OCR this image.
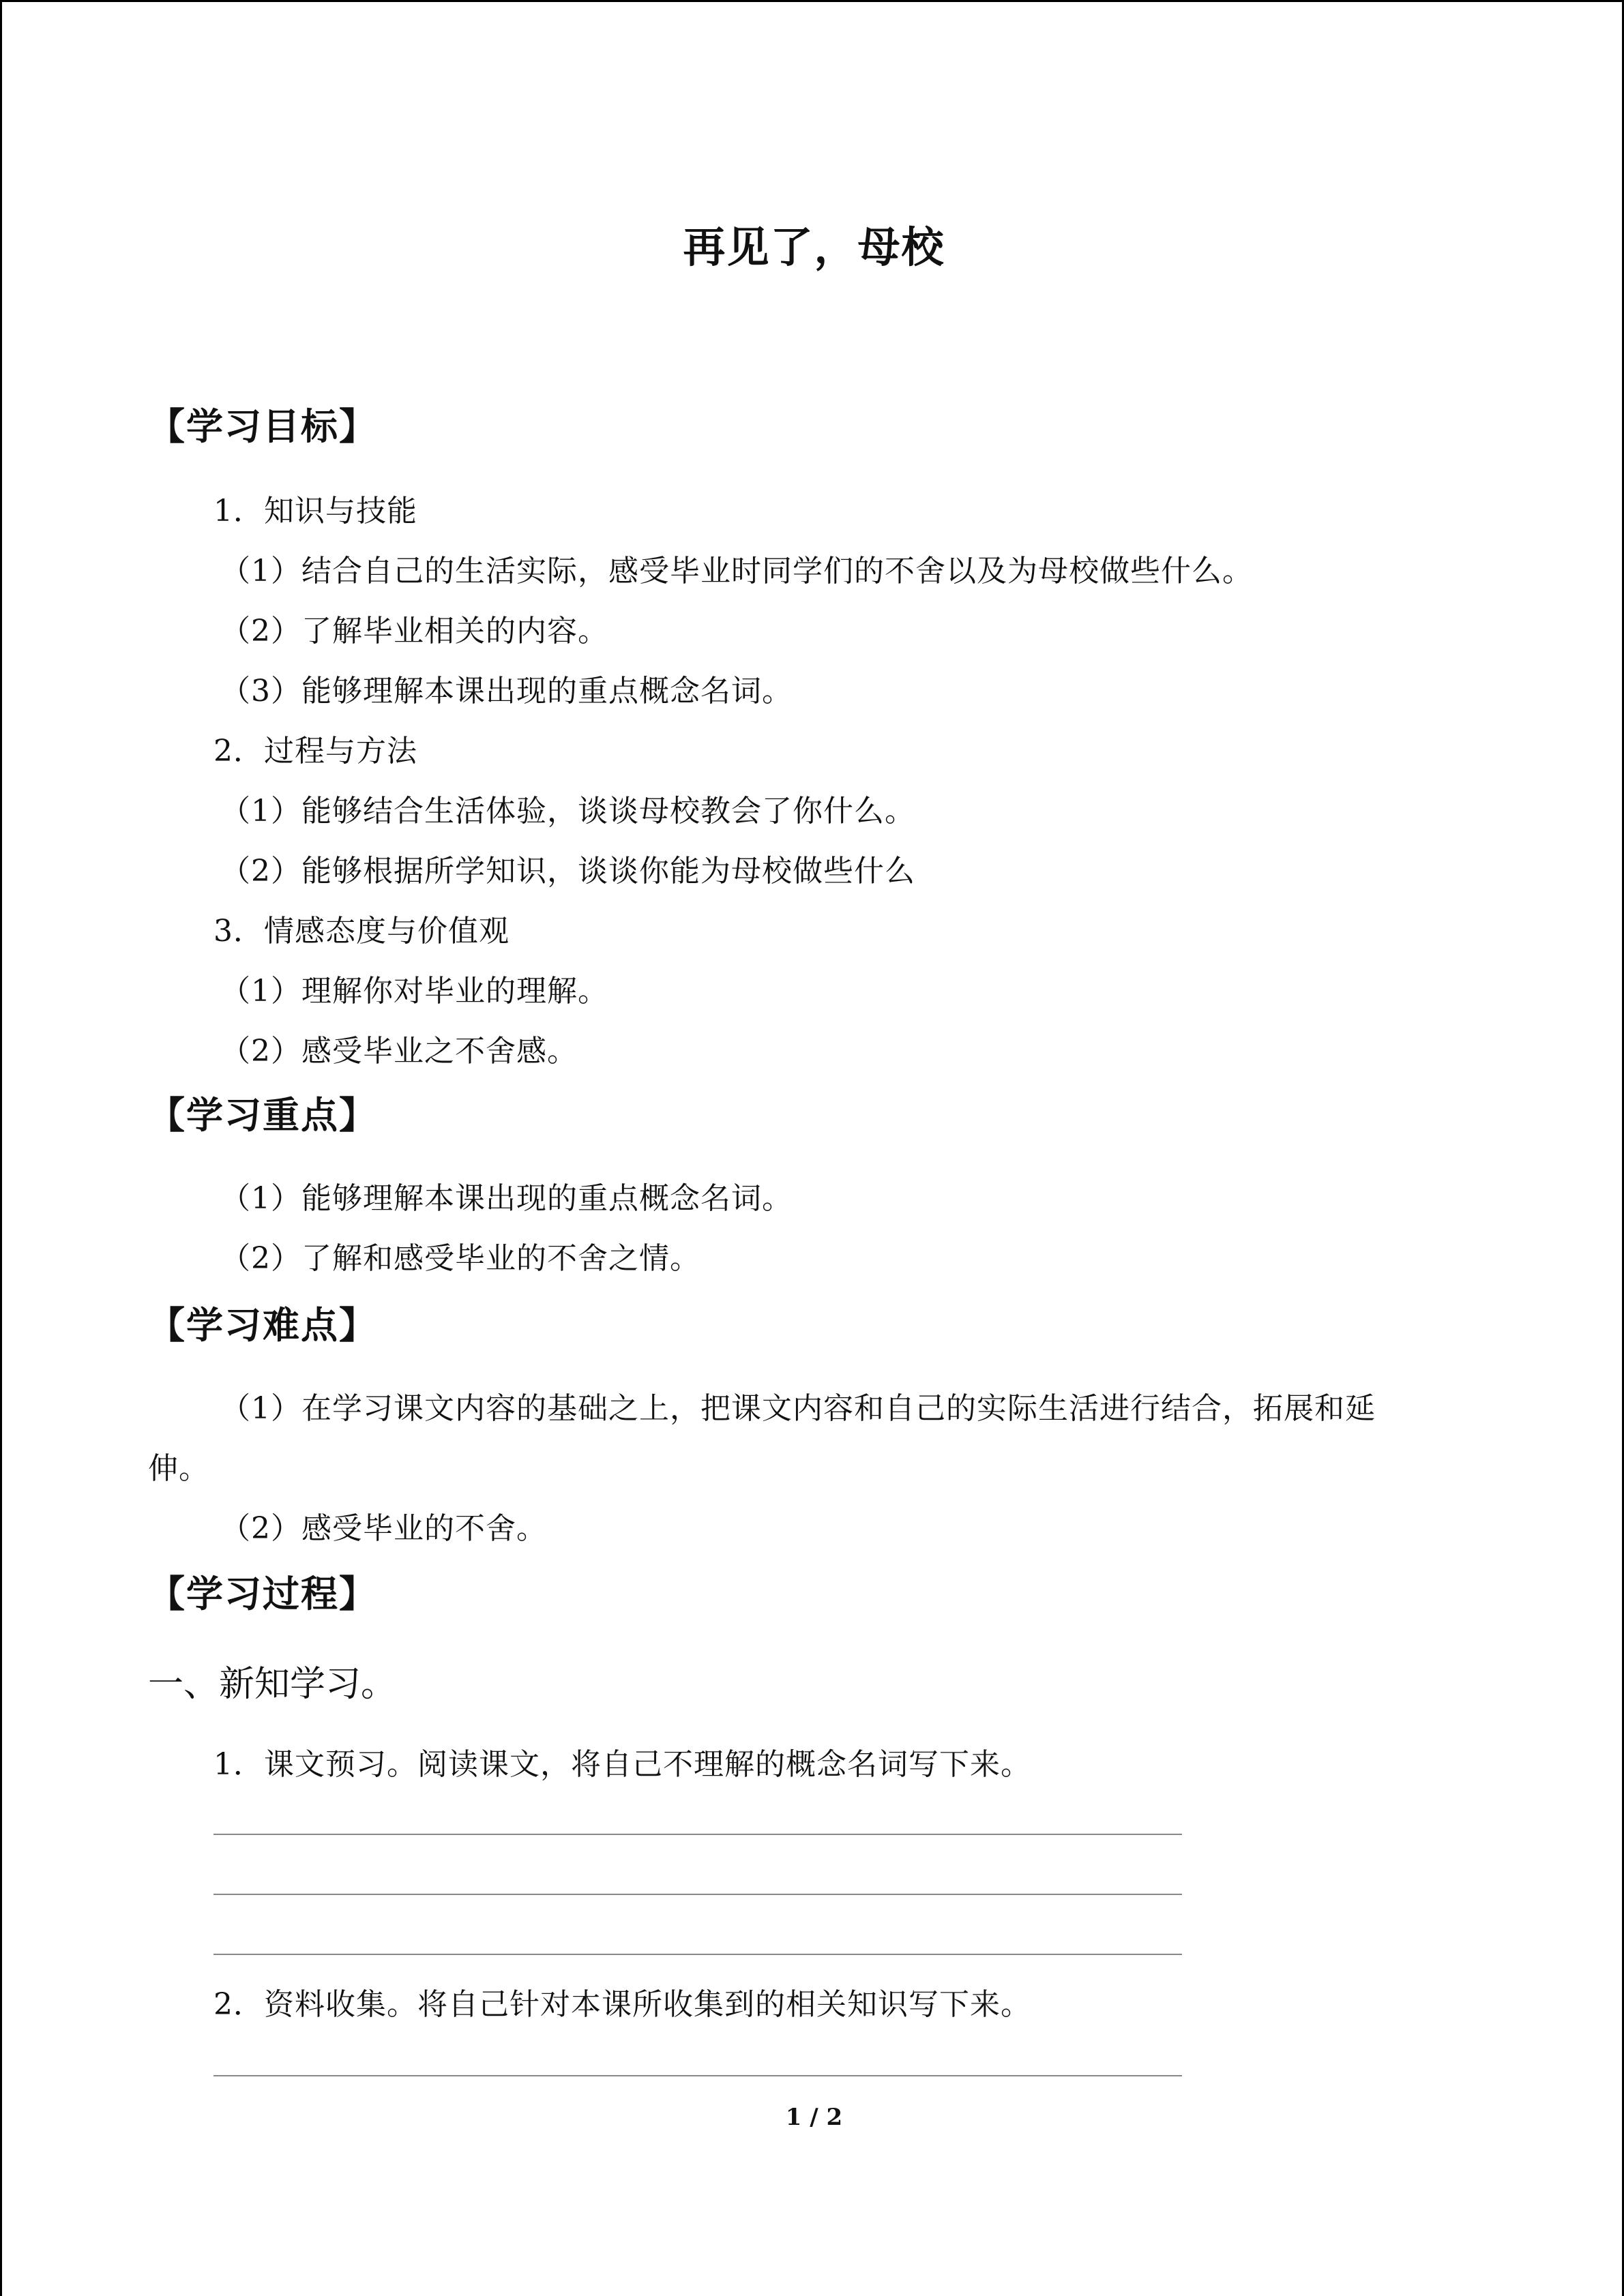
再见了，母校
【学习目标】
1．知识与技能
（1）结合自己的生活实际，感受毕业时同学们的不舍以及为母校做些什么。
（2）了解毕业相关的内容。
（3）能够理解本课出现的重点概念名词。
2．过程与方法
（1）能够结合生活体验，谈谈母校教会了你什么。
（2）能够根据所学知识，谈谈你能为母校做些什么
3．情感态度与价值观
（1）理解你对毕业的理解。
（2）感受毕业之不舍感。
【学习重点】
（1）能够理解本课出现的重点概念名词。
（2）了解和感受毕业的不舍之情。
【学习难点】
（1）在学习课文内容的基础之上，把课文内容和自己的实际生活进行结合，拓展和延
伸。
（2）感受毕业的不舍。
【学习过程】
一、新知学习。
1．课文预习。阅读课文，将自己不理解的概念名词写下来。
2．资料收集。将自己针对本课所收集到的相关知识写下来。
1 / 2
